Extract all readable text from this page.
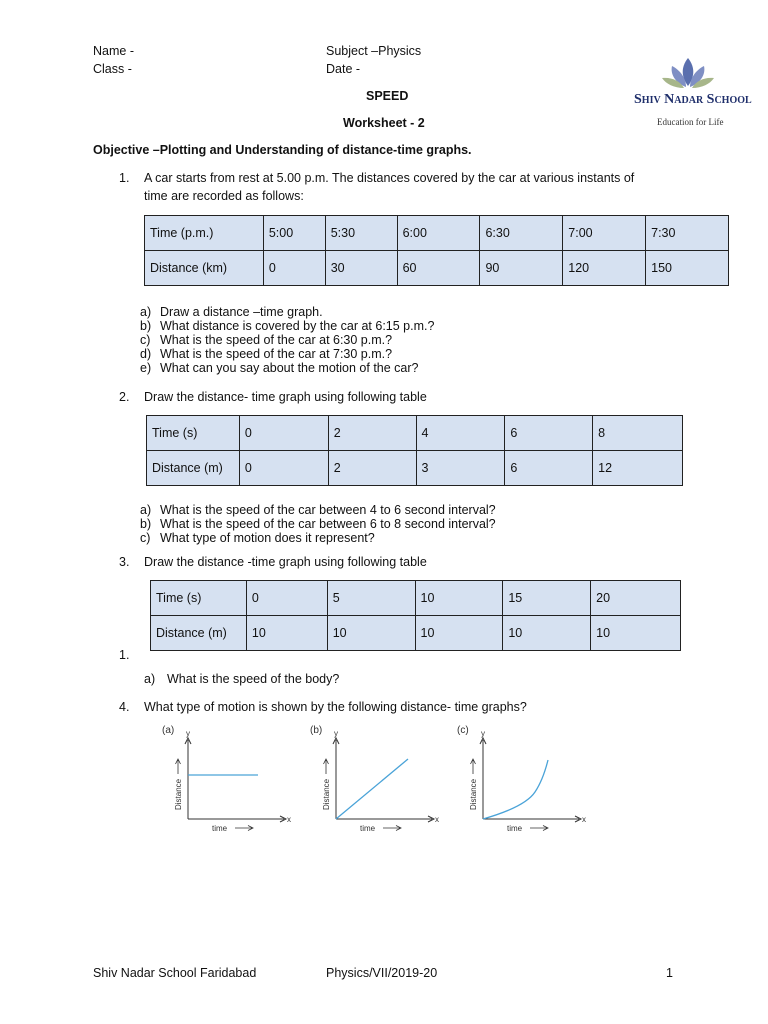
Name -
Class -
Subject –Physics
Date -
SPEED
Worksheet - 2
Shiv Nadar School
Education for Life
Objective –Plotting and Understanding of distance-time graphs.
1. A car starts from rest at 5.00 p.m. The distances covered by the car at various instants of
time are recorded as follows:
Time (p.m.)	5:00	5:30	6:00	6:30	7:00	7:30
Distance (km)	0	30	60	90	120	150
a) Draw a distance –time graph.
b) What distance is covered by the car at 6:15 p.m.?
c) What is the speed of the car at 6:30 p.m.?
d) What is the speed of the car at 7:30 p.m.?
e) What can you say about the motion of the car?
2. Draw the distance- time graph using following table
Time (s)	0	2	4	6	8
Distance (m)	0	2	3	6	12
a) What is the speed of the car between 4 to 6 second interval?
b) What is the speed of the car between 6 to 8 second interval?
c) What type of motion does it represent?
3. Draw the distance -time graph using following table
Time (s)	0	5	10	15	20
Distance (m)	10	10	10	10	10
1.
a) What is the speed of the body?
4. What type of motion is shown by the following distance- time graphs?
(a) y
x
Distance
time
(b) y
x
Distance
time
(c) y
x
Distance
time
Shiv Nadar School Faridabad	Physics/VII/2019-20	1
